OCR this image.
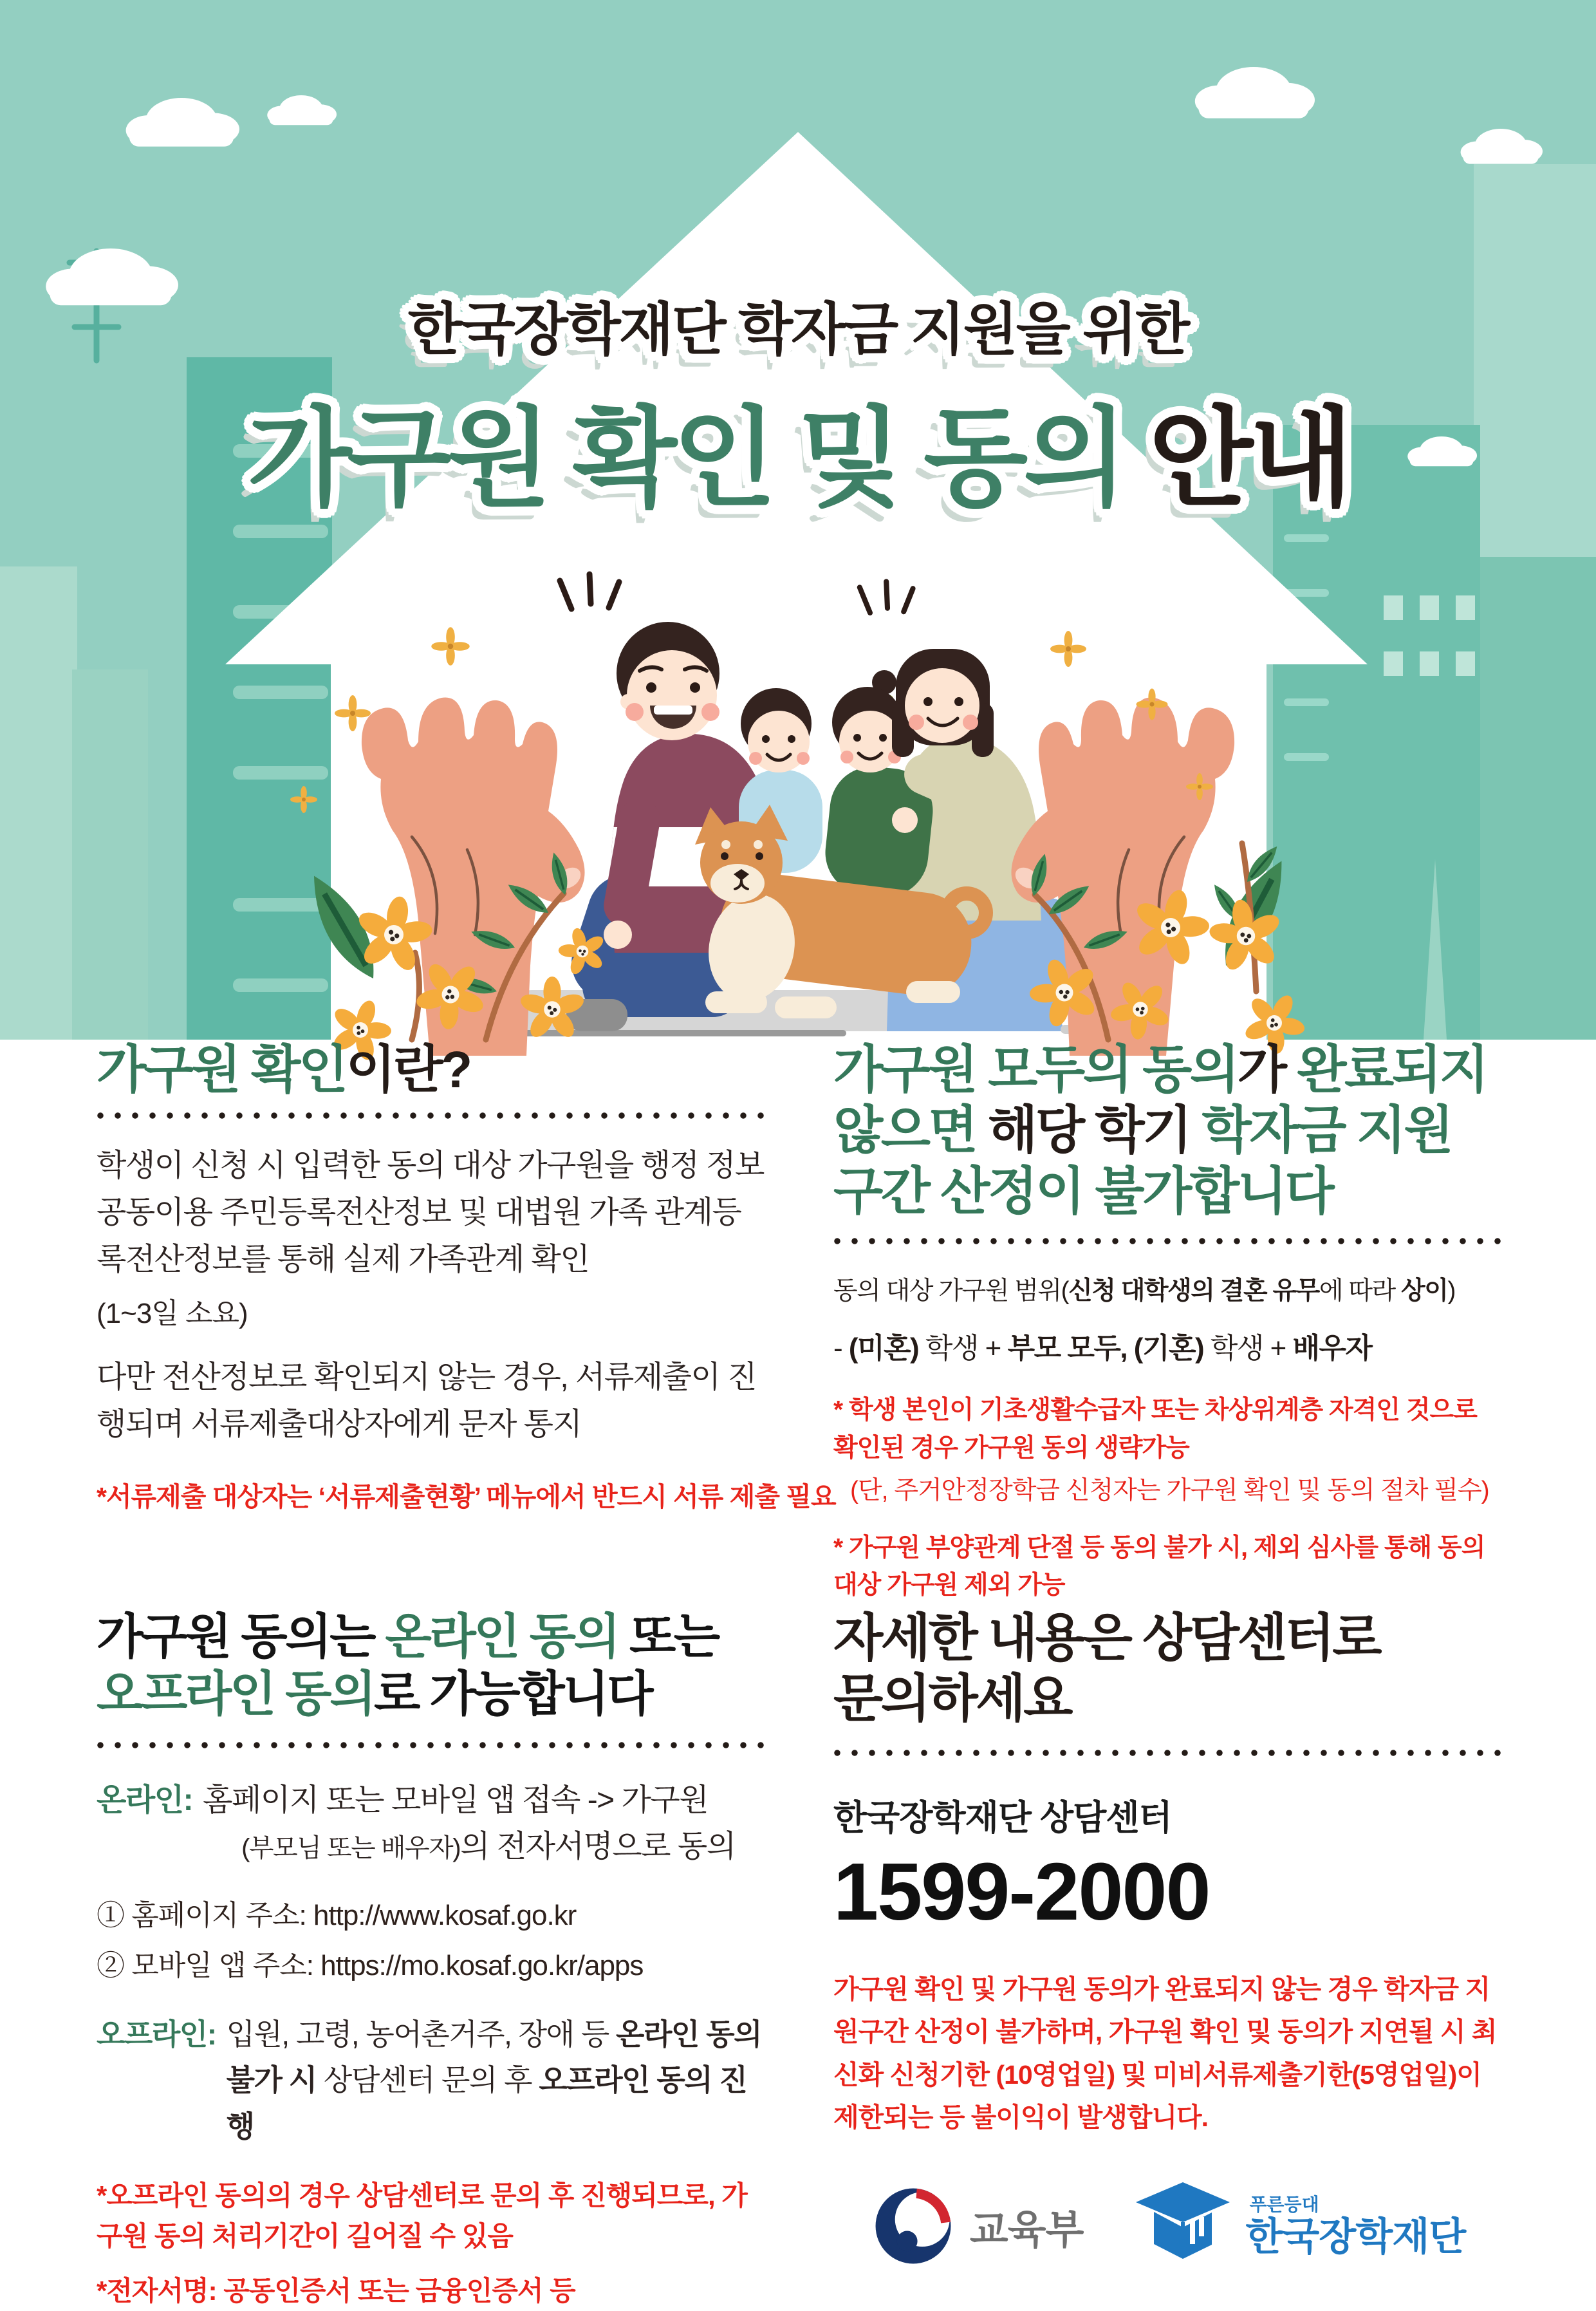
한국장학재단 학자금 지원을 위한
가구원 확인 및 동의 안내
가구원 확인이란?
학생이 신청 시 입력한 동의 대상 가구원을 행정 정보공동이용 주민등록전산정보 및 대법원 가족 관계등록전산정보를 통해 실제 가족관계 확인
(1~3일 소요)
다만 전산정보로 확인되지 않는 경우, 서류제출이 진행되며 서류제출대상자에게 문자 통지
*서류제출 대상자는 ‘서류제출현황’ 메뉴에서 반드시 서류 제출 필요
가구원 모두의 동의가 완료되지
않으면 해당 학기 학자금 지원
구간 산정이 불가합니다
동의 대상 가구원 범위(신청 대학생의 결혼 유무에 따라 상이)
- (미혼) 학생 + 부모 모두, (기혼) 학생 + 배우자
* 학생 본인이 기초생활수급자 또는 차상위계층 자격인 것으로 확인된 경우 가구원 동의 생략가능
(단, 주거안정장학금 신청자는 가구원 확인 및 동의 절차 필수)
* 가구원 부양관계 단절 등 동의 불가 시, 제외 심사를 통해 동의대상 가구원 제외 가능
가구원 동의는 온라인 동의 또는
오프라인 동의로 가능합니다
온라인: 홈페이지 또는 모바일 앱 접속 -> 가구원
(부모님 또는 배우자)의 전자서명으로 동의
① 홈페이지 주소: http://www.kosaf.go.kr
② 모바일 앱 주소: https://mo.kosaf.go.kr/apps
오프라인: 입원, 고령, 농어촌거주, 장애 등 온라인 동의 불가 시 상담센터 문의 후 오프라인 동의 진행
*오프라인 동의의 경우 상담센터로 문의 후 진행되므로, 가구원 동의 처리기간이 길어질 수 있음
*전자서명: 공동인증서 또는 금융인증서 등
자세한 내용은 상담센터로
문의하세요
한국장학재단 상담센터
1599-2000
가구원 확인 및 가구원 동의가 완료되지 않는 경우 학자금 지원구간 산정이 불가하며, 가구원 확인 및 동의가 지연될 시 최신화 신청기한 (10영업일) 및 미비서류제출기한(5영업일)이 제한되는 등 불이익이 발생합니다.
교육부
푸른등대
한국장학재단
